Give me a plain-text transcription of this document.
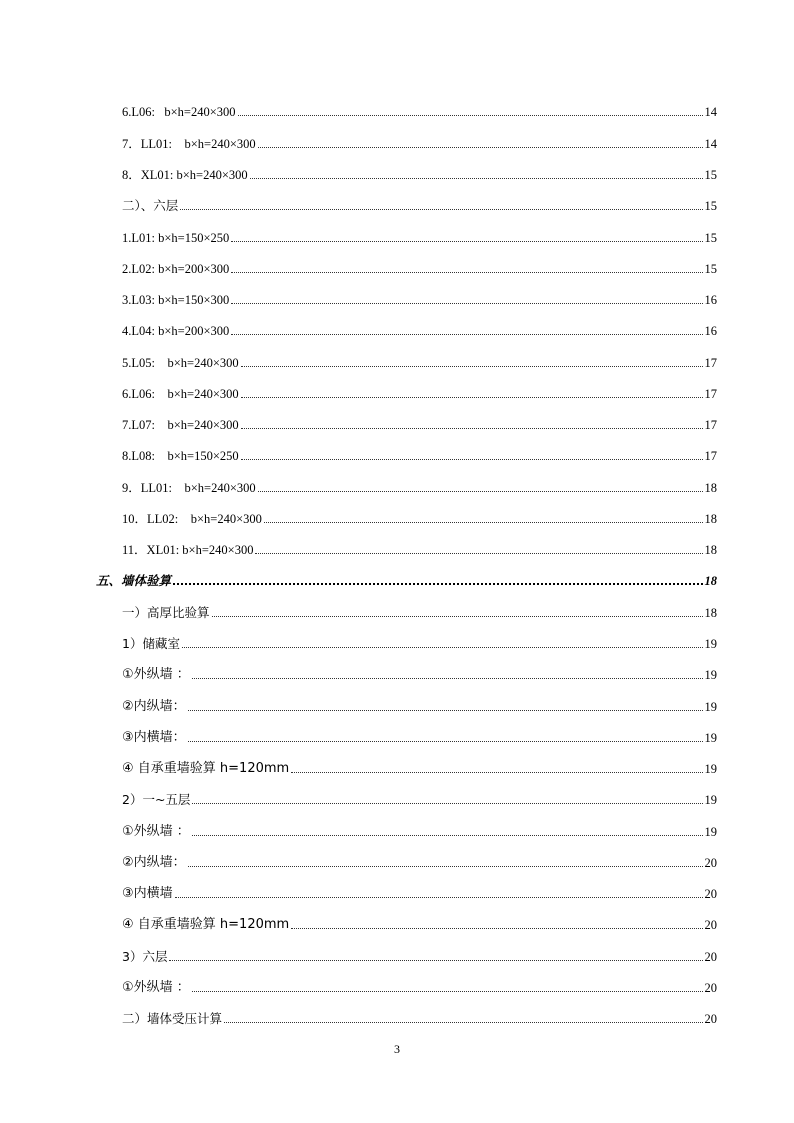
6.L06:   b×h=240×300	14
7．LL01:    b×h=240×300	14
8．XL01: b×h=240×300	15
二）、六层	15
1.L01: b×h=150×250	15
2.L02: b×h=200×300	15
3.L03: b×h=150×300	16
4.L04: b×h=200×300	16
5.L05:    b×h=240×300	17
6.L06:    b×h=240×300	17
7.L07:    b×h=240×300	17
8.L08:    b×h=150×250	17
9．LL01:    b×h=240×300	18
10．LL02:    b×h=240×300	18
11．XL01: b×h=240×300	18
五、墙体验算	18
一）高厚比验算	18
1）储藏室	19
①外纵墙 ：	19
②内纵墙：	19
③内横墙：	19
④ 自承重墙验算 h=120mm	19
2）一~五层	19
①外纵墙 ：	19
②内纵墙：	20
③内横墙	20
④ 自承重墙验算 h=120mm	20
3）六层	20
①外纵墙 ：	20
二）墙体受压计算	20
3
